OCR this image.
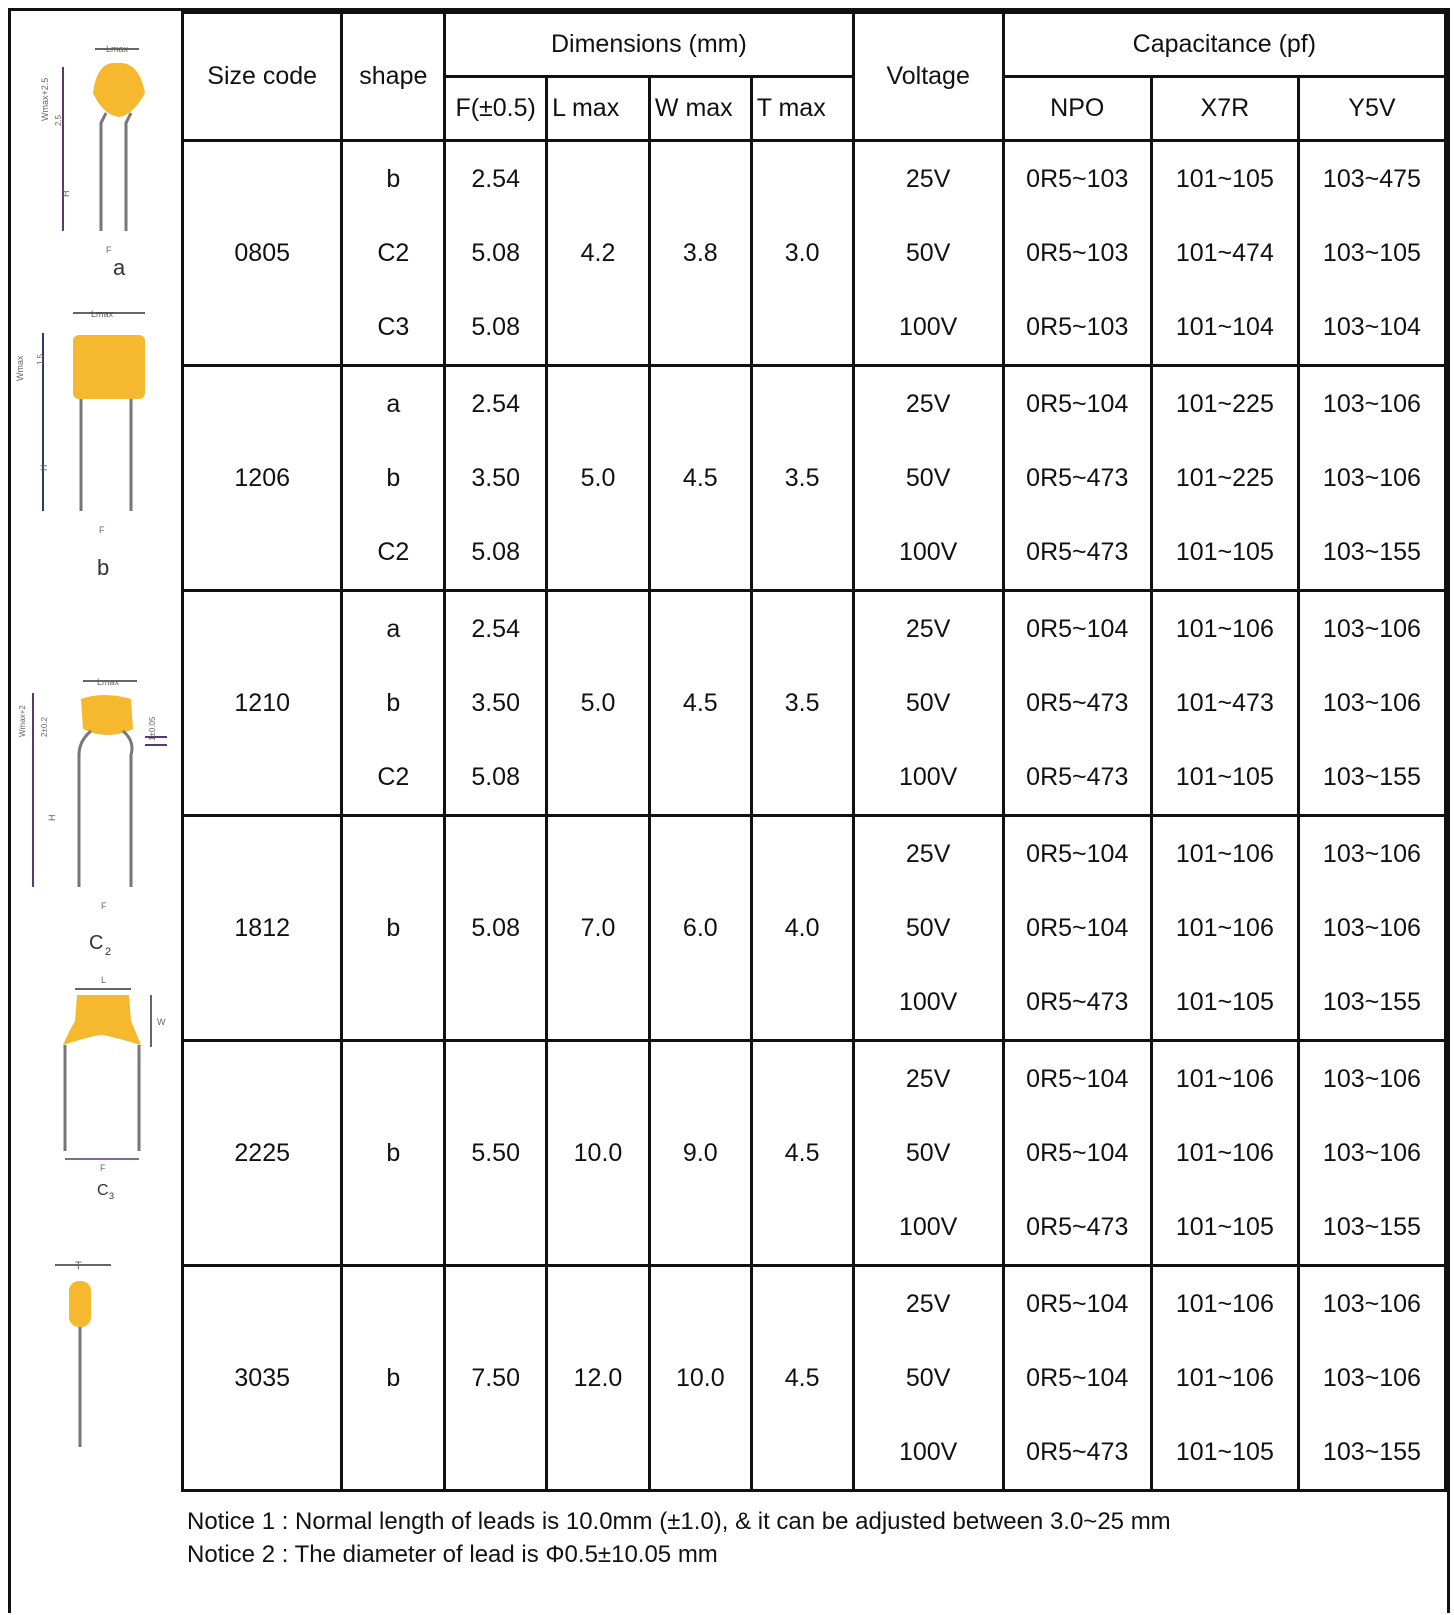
Lmax
Wmax+2.5 2.5
H
F
a
Lmax
Wmax 1.5
H
F
b
Lmax
Wmax+2 2±0.2	1±0.05
H
F
C 2
L
W
F
C 3
T
Size code	shape	Dimensions (mm)				Voltage	Capacitance (pf)		
		F(±0.5)	L max	W max	T max		NPO	X7R	Y5V
0805	b	2.54	4.2	3.8	3.0	25V	0R5~103	101~105	103~475
	C2	5.08				50V	0R5~103	101~474	103~105
	C3	5.08				100V	0R5~103	101~104	103~104
1206	a	2.54	5.0	4.5	3.5	25V	0R5~104	101~225	103~106
	b	3.50				50V	0R5~473	101~225	103~106
	C2	5.08				100V	0R5~473	101~105	103~155
1210	a	2.54	5.0	4.5	3.5	25V	0R5~104	101~106	103~106
	b	3.50				50V	0R5~473	101~473	103~106
	C2	5.08				100V	0R5~473	101~105	103~155
1812	b	5.08	7.0	6.0	4.0	25V	0R5~104	101~106	103~106
						50V	0R5~104	101~106	103~106
						100V	0R5~473	101~105	103~155
2225	b	5.50	10.0	9.0	4.5	25V	0R5~104	101~106	103~106
						50V	0R5~104	101~106	103~106
						100V	0R5~473	101~105	103~155
3035	b	7.50	12.0	10.0	4.5	25V	0R5~104	101~106	103~106
						50V	0R5~104	101~106	103~106
						100V	0R5~473	101~105	103~155
Notice 1 : Normal length of leads is 10.0mm (±1.0), & it can be adjusted between 3.0~25 mm
Notice 2 : The diameter of lead is Φ0.5±10.05 mm
